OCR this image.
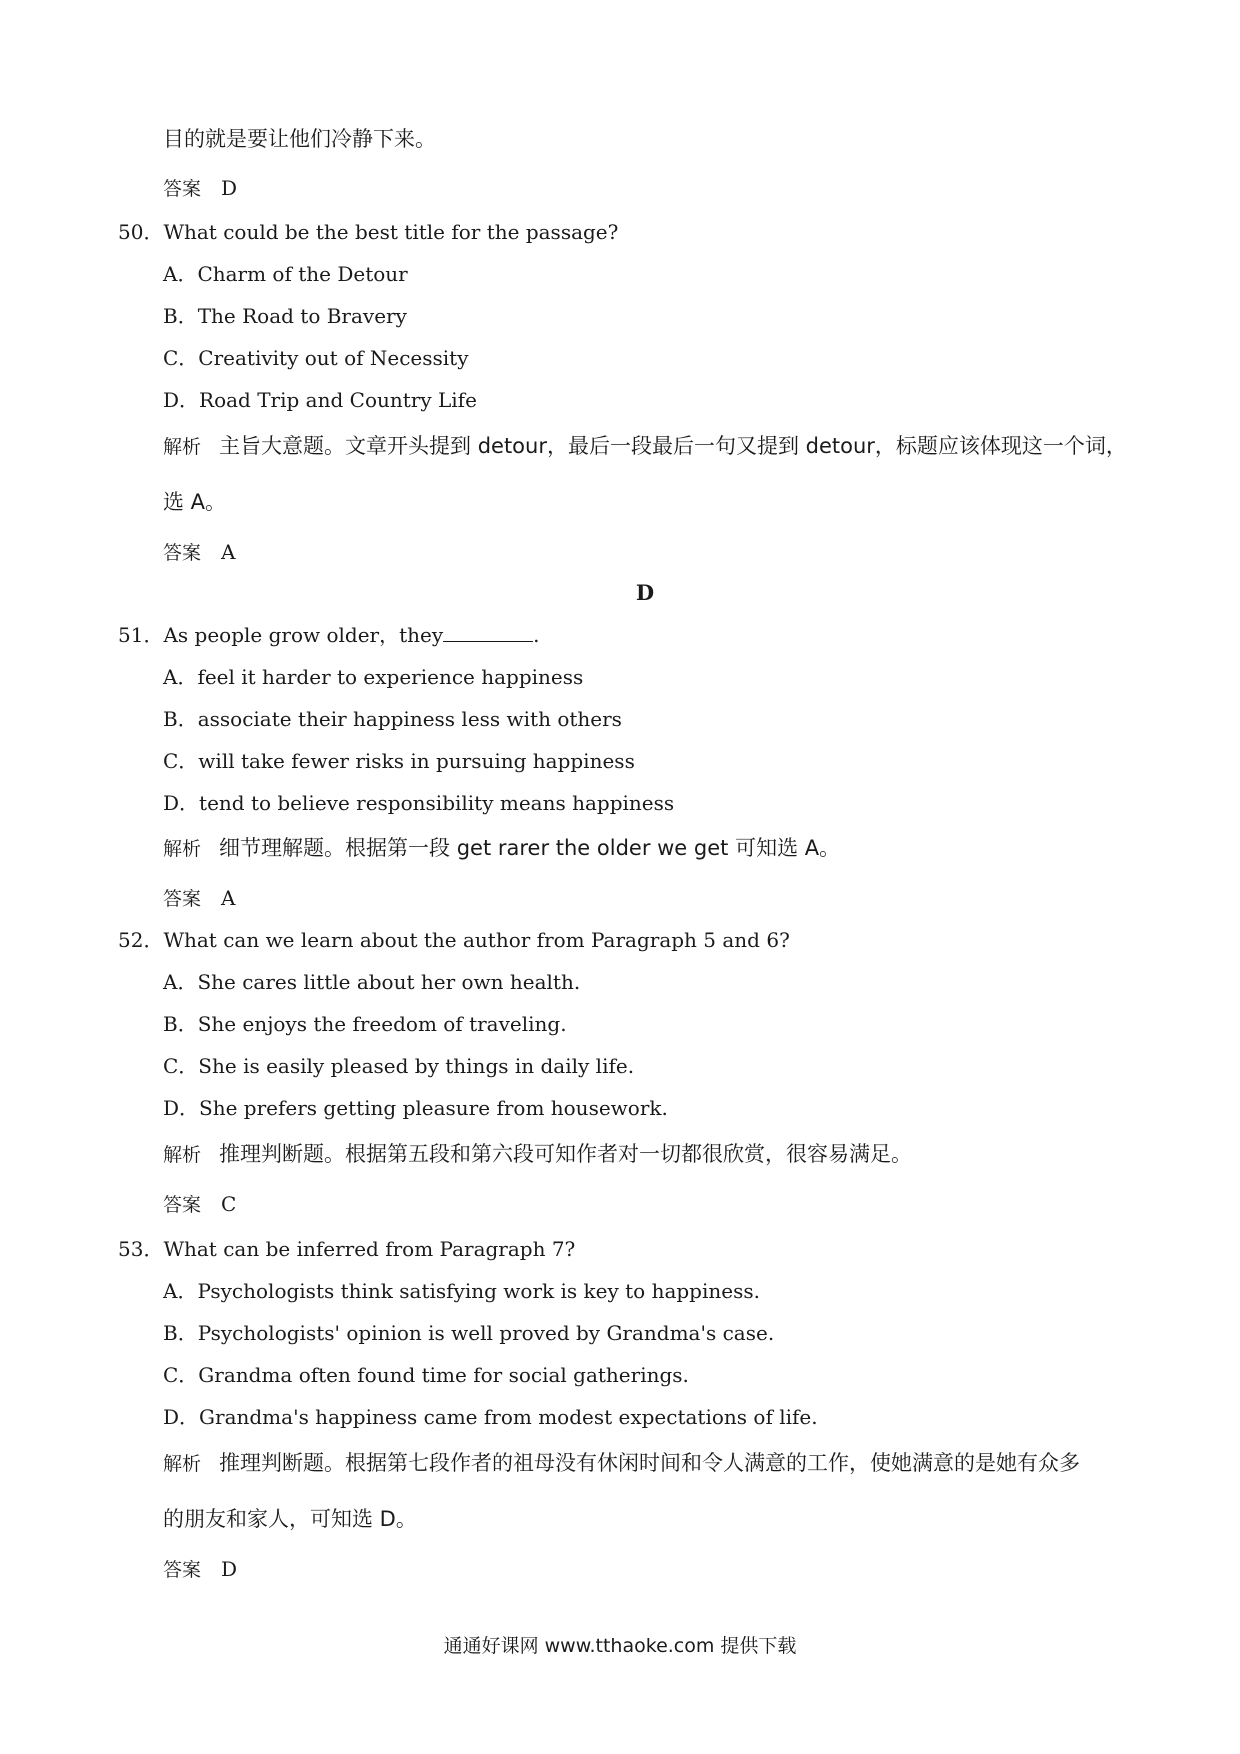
目的就是要让他们冷静下来。
答案 D
50．What could be the best title for the passage?
A．Charm of the Detour
B．The Road to Bravery
C．Creativity out of Necessity
D．Road Trip and Country Life
解析 主旨大意题。文章开头提到 detour，最后一段最后一句又提到 detour，标题应该体现这一个词，
选 A。
答案 A
D
51．As people grow older，they	.
A．feel it harder to experience happiness
B．associate their happiness less with others
C．will take fewer risks in pursuing happiness
D．tend to believe responsibility means happiness
解析 细节理解题。根据第一段 get rarer the older we get 可知选 A。
答案 A
52．What can we learn about the author from Paragraph 5 and 6?
A．She cares little about her own health.
B．She enjoys the freedom of traveling.
C．She is easily pleased by things in daily life.
D．She prefers getting pleasure from housework.
解析 推理判断题。根据第五段和第六段可知作者对一切都很欣赏，很容易满足。
答案 C
53．What can be inferred from Paragraph 7?
A．Psychologists think satisfying work is key to happiness.
B．Psychologists' opinion is well proved by Grandma's case.
C．Grandma often found time for social gatherings.
D．Grandma's happiness came from modest expectations of life.
解析 推理判断题。根据第七段作者的祖母没有休闲时间和令人满意的工作，使她满意的是她有众多
的朋友和家人，可知选 D。
答案 D
通通好课网 www.tthaoke.com 提供下载
